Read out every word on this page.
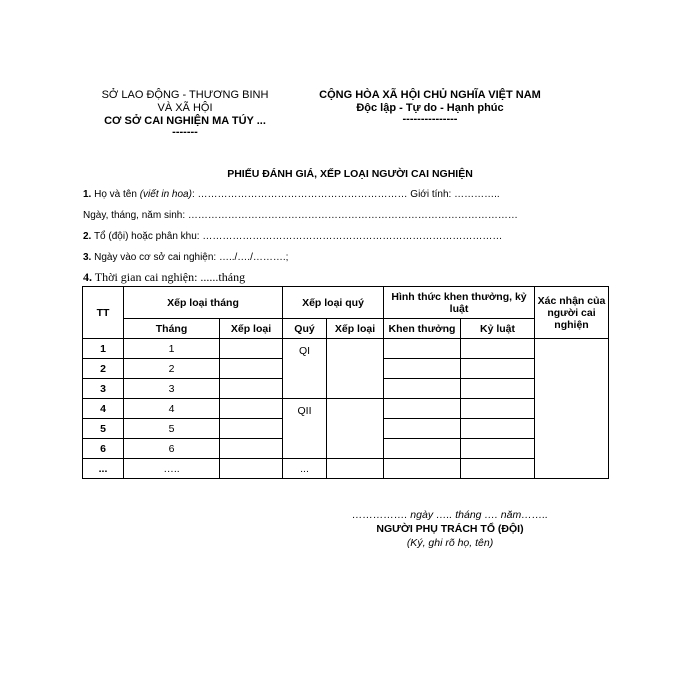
SỞ LAO ĐỘNG - THƯƠNG BINH
VÀ XÃ HỘI
CƠ SỞ CAI NGHIỆN MA TÚY ...
-------
CỘNG HÒA XÃ HỘI CHỦ NGHĨA VIỆT NAM
Độc lập - Tự do - Hạnh phúc
---------------
PHIẾU ĐÁNH GIÁ, XẾP LOẠI NGƯỜI CAI NGHIỆN
1. Họ và tên (viết in hoa): ……………………………………………………… Giới tính: …………..
Ngày, tháng, năm sinh: ………………………………………………………………………………………
2. Tổ (đội) hoặc phân khu: ………………………………………………………………………………
3. Ngày vào cơ sở cai nghiện: …../…./……….;
4. Thời gian cai nghiện: ......tháng
TT	Xếp loại tháng		Xếp loại quý		Hình thức khen thưởng, kỷ luật		Xác nhận của người cai nghiện
	Tháng	Xếp loại	Quý	Xếp loại	Khen thưởng	Kỷ luật	
1	1		QI				
2	2						
3	3						
4	4		QII				
5	5						
6	6						
...	…..		...				
……………. ngày ….. tháng …. năm……..
NGƯỜI PHỤ TRÁCH TỔ (ĐỘI)
(Ký, ghi rõ họ, tên)
